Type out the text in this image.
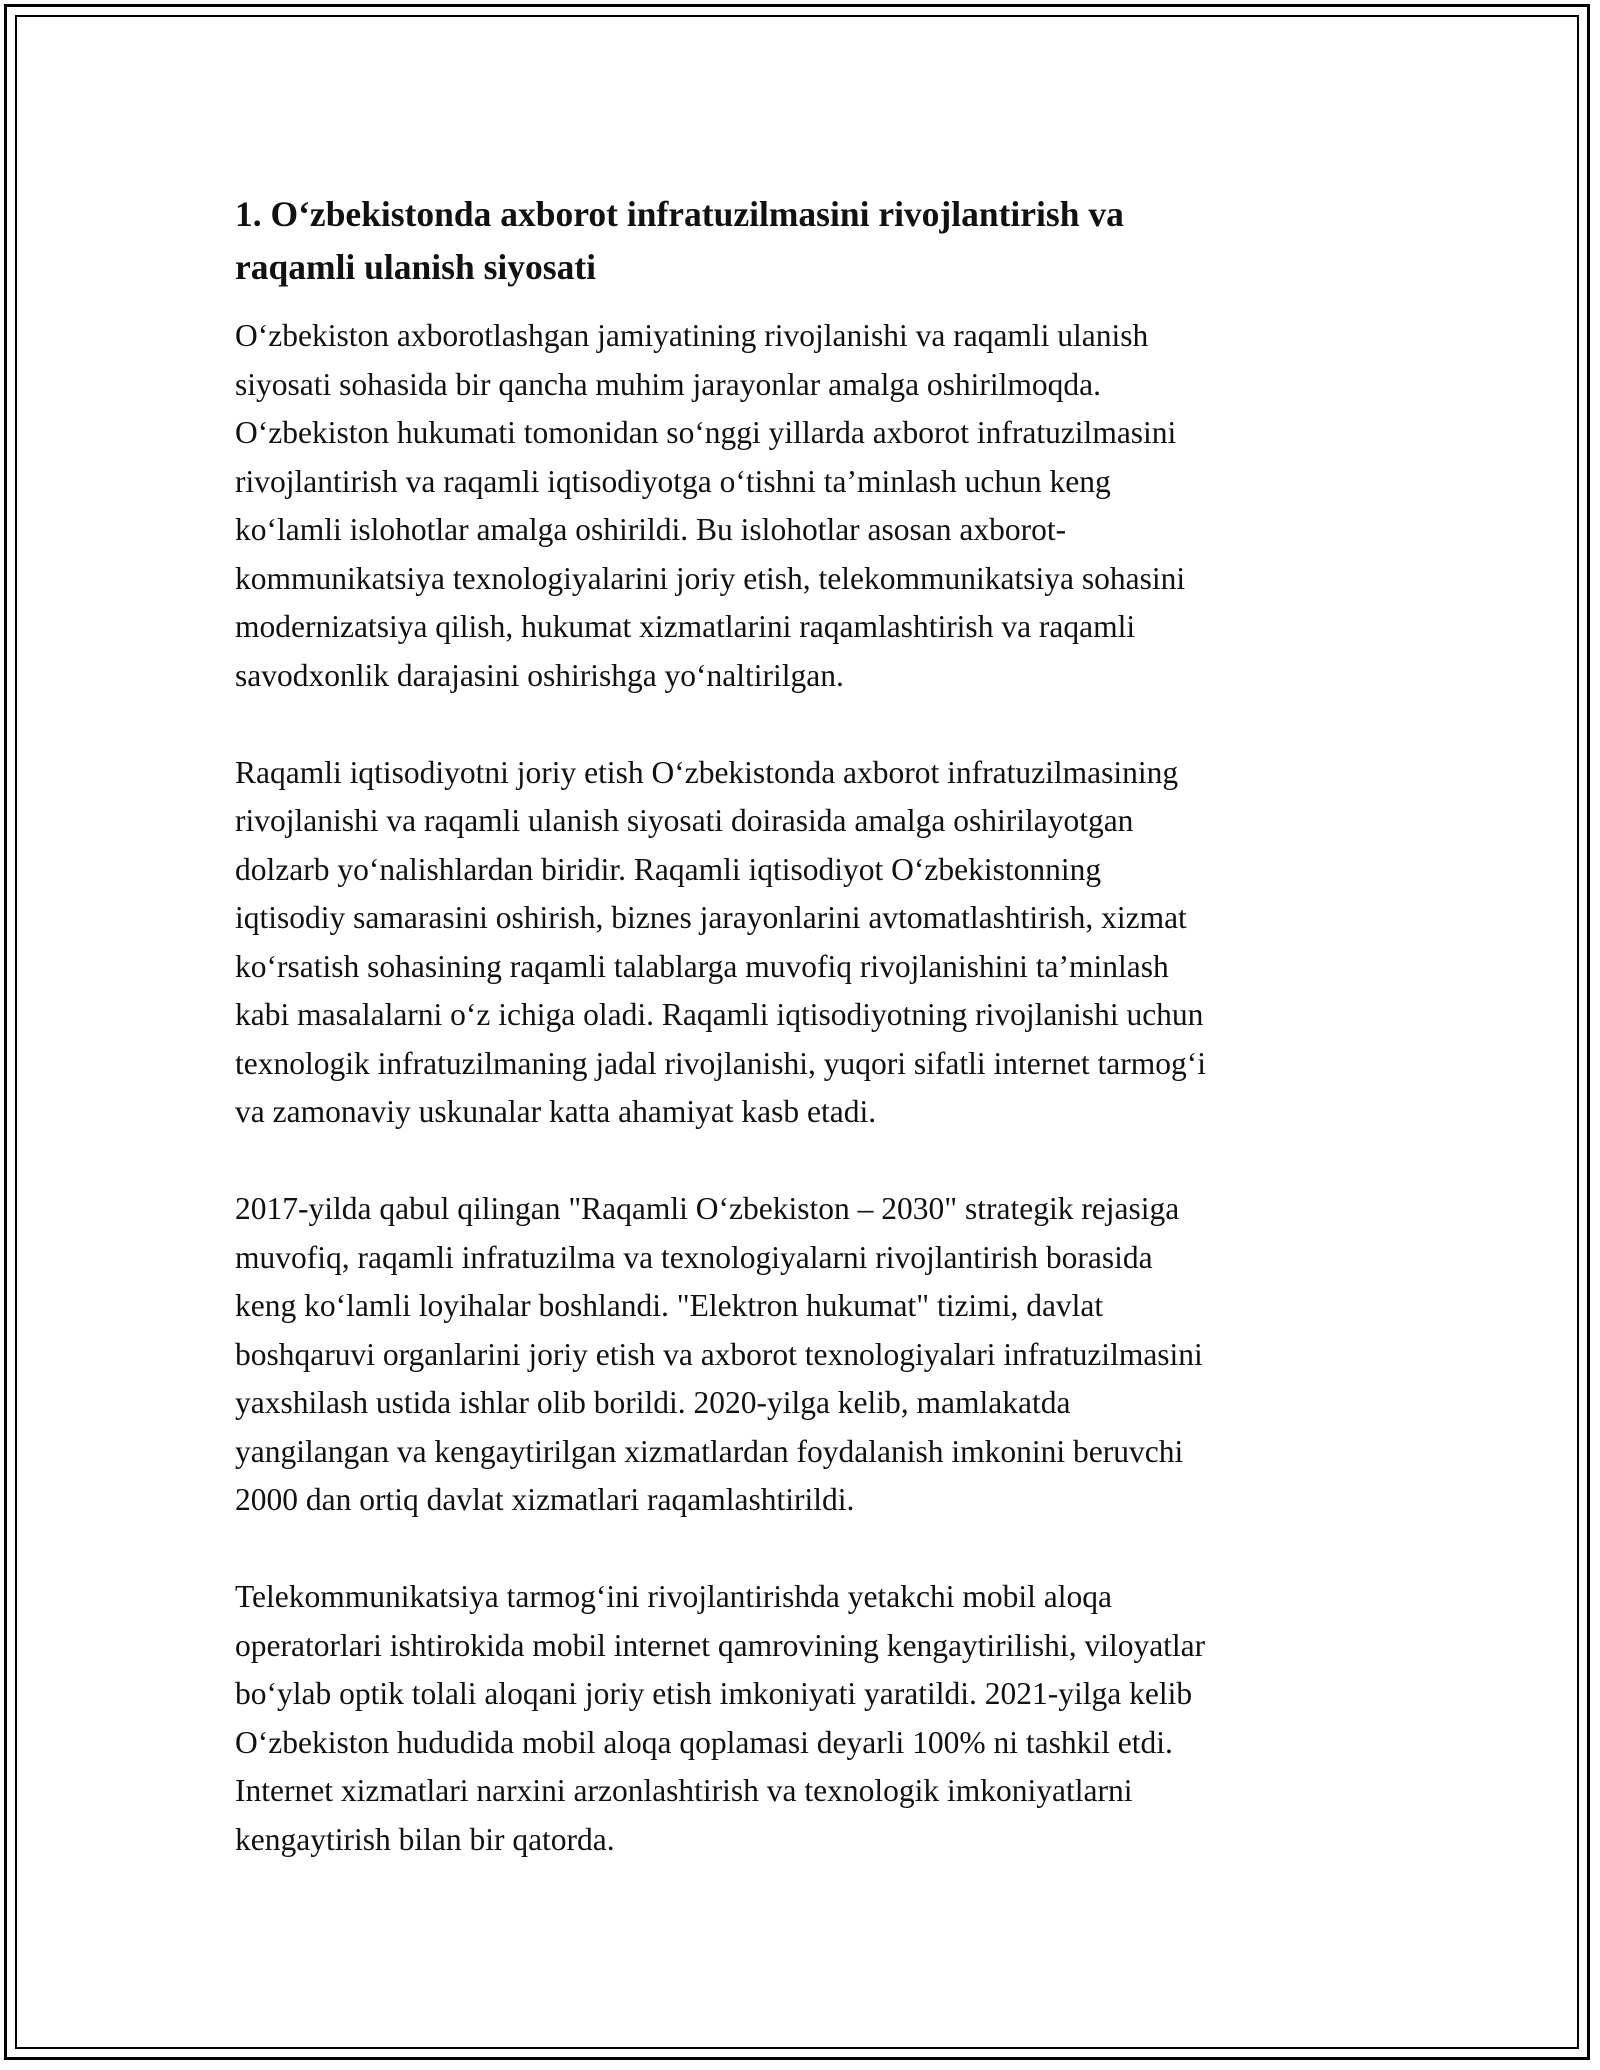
1. O‘zbekistonda axborot infratuzilmasini rivojlantirish va
raqamli ulanish siyosati

O‘zbekiston axborotlashgan jamiyatining rivojlanishi va raqamli ulanish
siyosati sohasida bir qancha muhim jarayonlar amalga oshirilmoqda.
O‘zbekiston hukumati tomonidan so‘nggi yillarda axborot infratuzilmasini
rivojlantirish va raqamli iqtisodiyotga o‘tishni ta’minlash uchun keng
ko‘lamli islohotlar amalga oshirildi. Bu islohotlar asosan axborot-
kommunikatsiya texnologiyalarini joriy etish, telekommunikatsiya sohasini
modernizatsiya qilish, hukumat xizmatlarini raqamlashtirish va raqamli
savodxonlik darajasini oshirishga yo‘naltirilgan.

Raqamli iqtisodiyotni joriy etish O‘zbekistonda axborot infratuzilmasining
rivojlanishi va raqamli ulanish siyosati doirasida amalga oshirilayotgan
dolzarb yo‘nalishlardan biridir. Raqamli iqtisodiyot O‘zbekistonning
iqtisodiy samarasini oshirish, biznes jarayonlarini avtomatlashtirish, xizmat
ko‘rsatish sohasining raqamli talablarga muvofiq rivojlanishini ta’minlash
kabi masalalarni o‘z ichiga oladi. Raqamli iqtisodiyotning rivojlanishi uchun
texnologik infratuzilmaning jadal rivojlanishi, yuqori sifatli internet tarmog‘i
va zamonaviy uskunalar katta ahamiyat kasb etadi.

2017-yilda qabul qilingan "Raqamli O‘zbekiston – 2030" strategik rejasiga
muvofiq, raqamli infratuzilma va texnologiyalarni rivojlantirish borasida
keng ko‘lamli loyihalar boshlandi. "Elektron hukumat" tizimi, davlat
boshqaruvi organlarini joriy etish va axborot texnologiyalari infratuzilmasini
yaxshilash ustida ishlar olib borildi. 2020-yilga kelib, mamlakatda
yangilangan va kengaytirilgan xizmatlardan foydalanish imkonini beruvchi
2000 dan ortiq davlat xizmatlari raqamlashtirildi.

Telekommunikatsiya tarmog‘ini rivojlantirishda yetakchi mobil aloqa
operatorlari ishtirokida mobil internet qamrovining kengaytirilishi, viloyatlar
bo‘ylab optik tolali aloqani joriy etish imkoniyati yaratildi. 2021-yilga kelib
O‘zbekiston hududida mobil aloqa qoplamasi deyarli 100% ni tashkil etdi.
Internet xizmatlari narxini arzonlashtirish va texnologik imkoniyatlarni
kengaytirish bilan bir qatorda.
